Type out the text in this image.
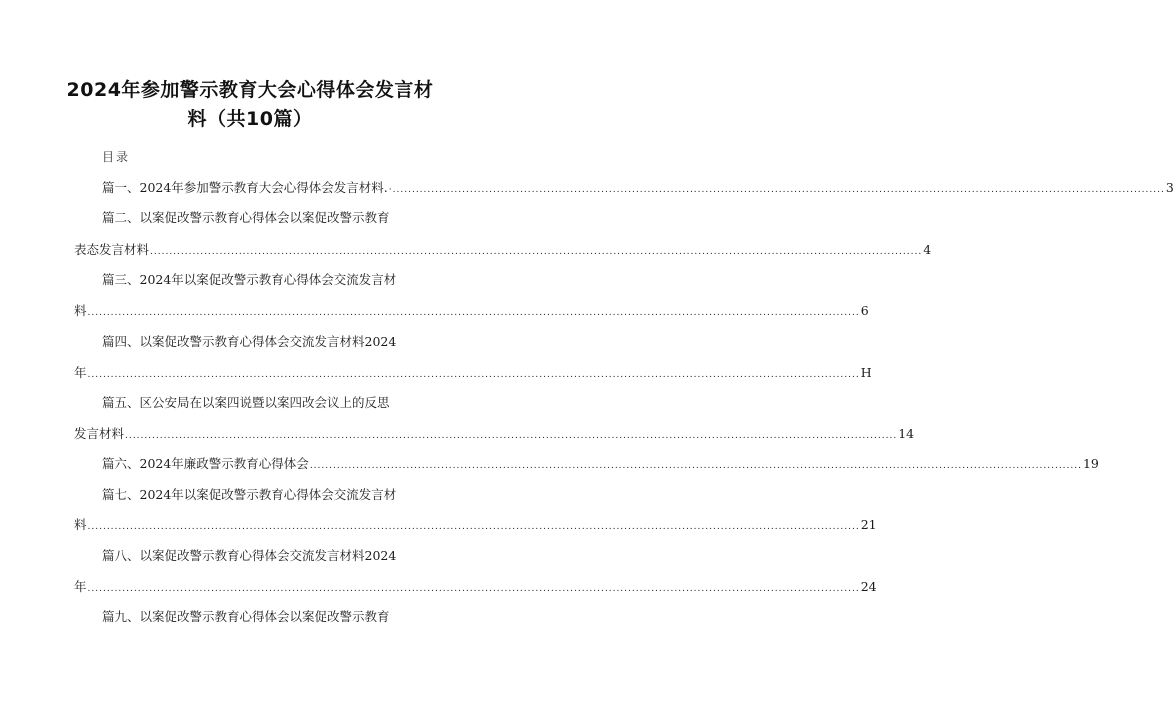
2024年参加警示教育大会心得体会发言材
料（共10篇）
目录
篇一、2024年参加警示教育大会心得体会发言材料. ·........................................................................................................................................................................................................ 3
篇二、以案促改警示教育心得体会以案促改警示教育
表态发言材料 ........................................................................................................................................................................................................ 4
篇三、2024年以案促改警示教育心得体会交流发言材
料 ........................................................................................................................................................................................................ 6
篇四、以案促改警示教育心得体会交流发言材料2024
年 ........................................................................................................................................................................................................ H
篇五、区公安局在以案四说暨以案四改会议上的反思
发言材料 ........................................................................................................................................................................................................ 14
篇六、2024年廉政警示教育心得体会 ........................................................................................................................................................................................................ 19
篇七、2024年以案促改警示教育心得体会交流发言材
料 ........................................................................................................................................................................................................ 21
篇八、以案促改警示教育心得体会交流发言材料2024
年 ........................................................................................................................................................................................................ 24
篇九、以案促改警示教育心得体会以案促改警示教育
